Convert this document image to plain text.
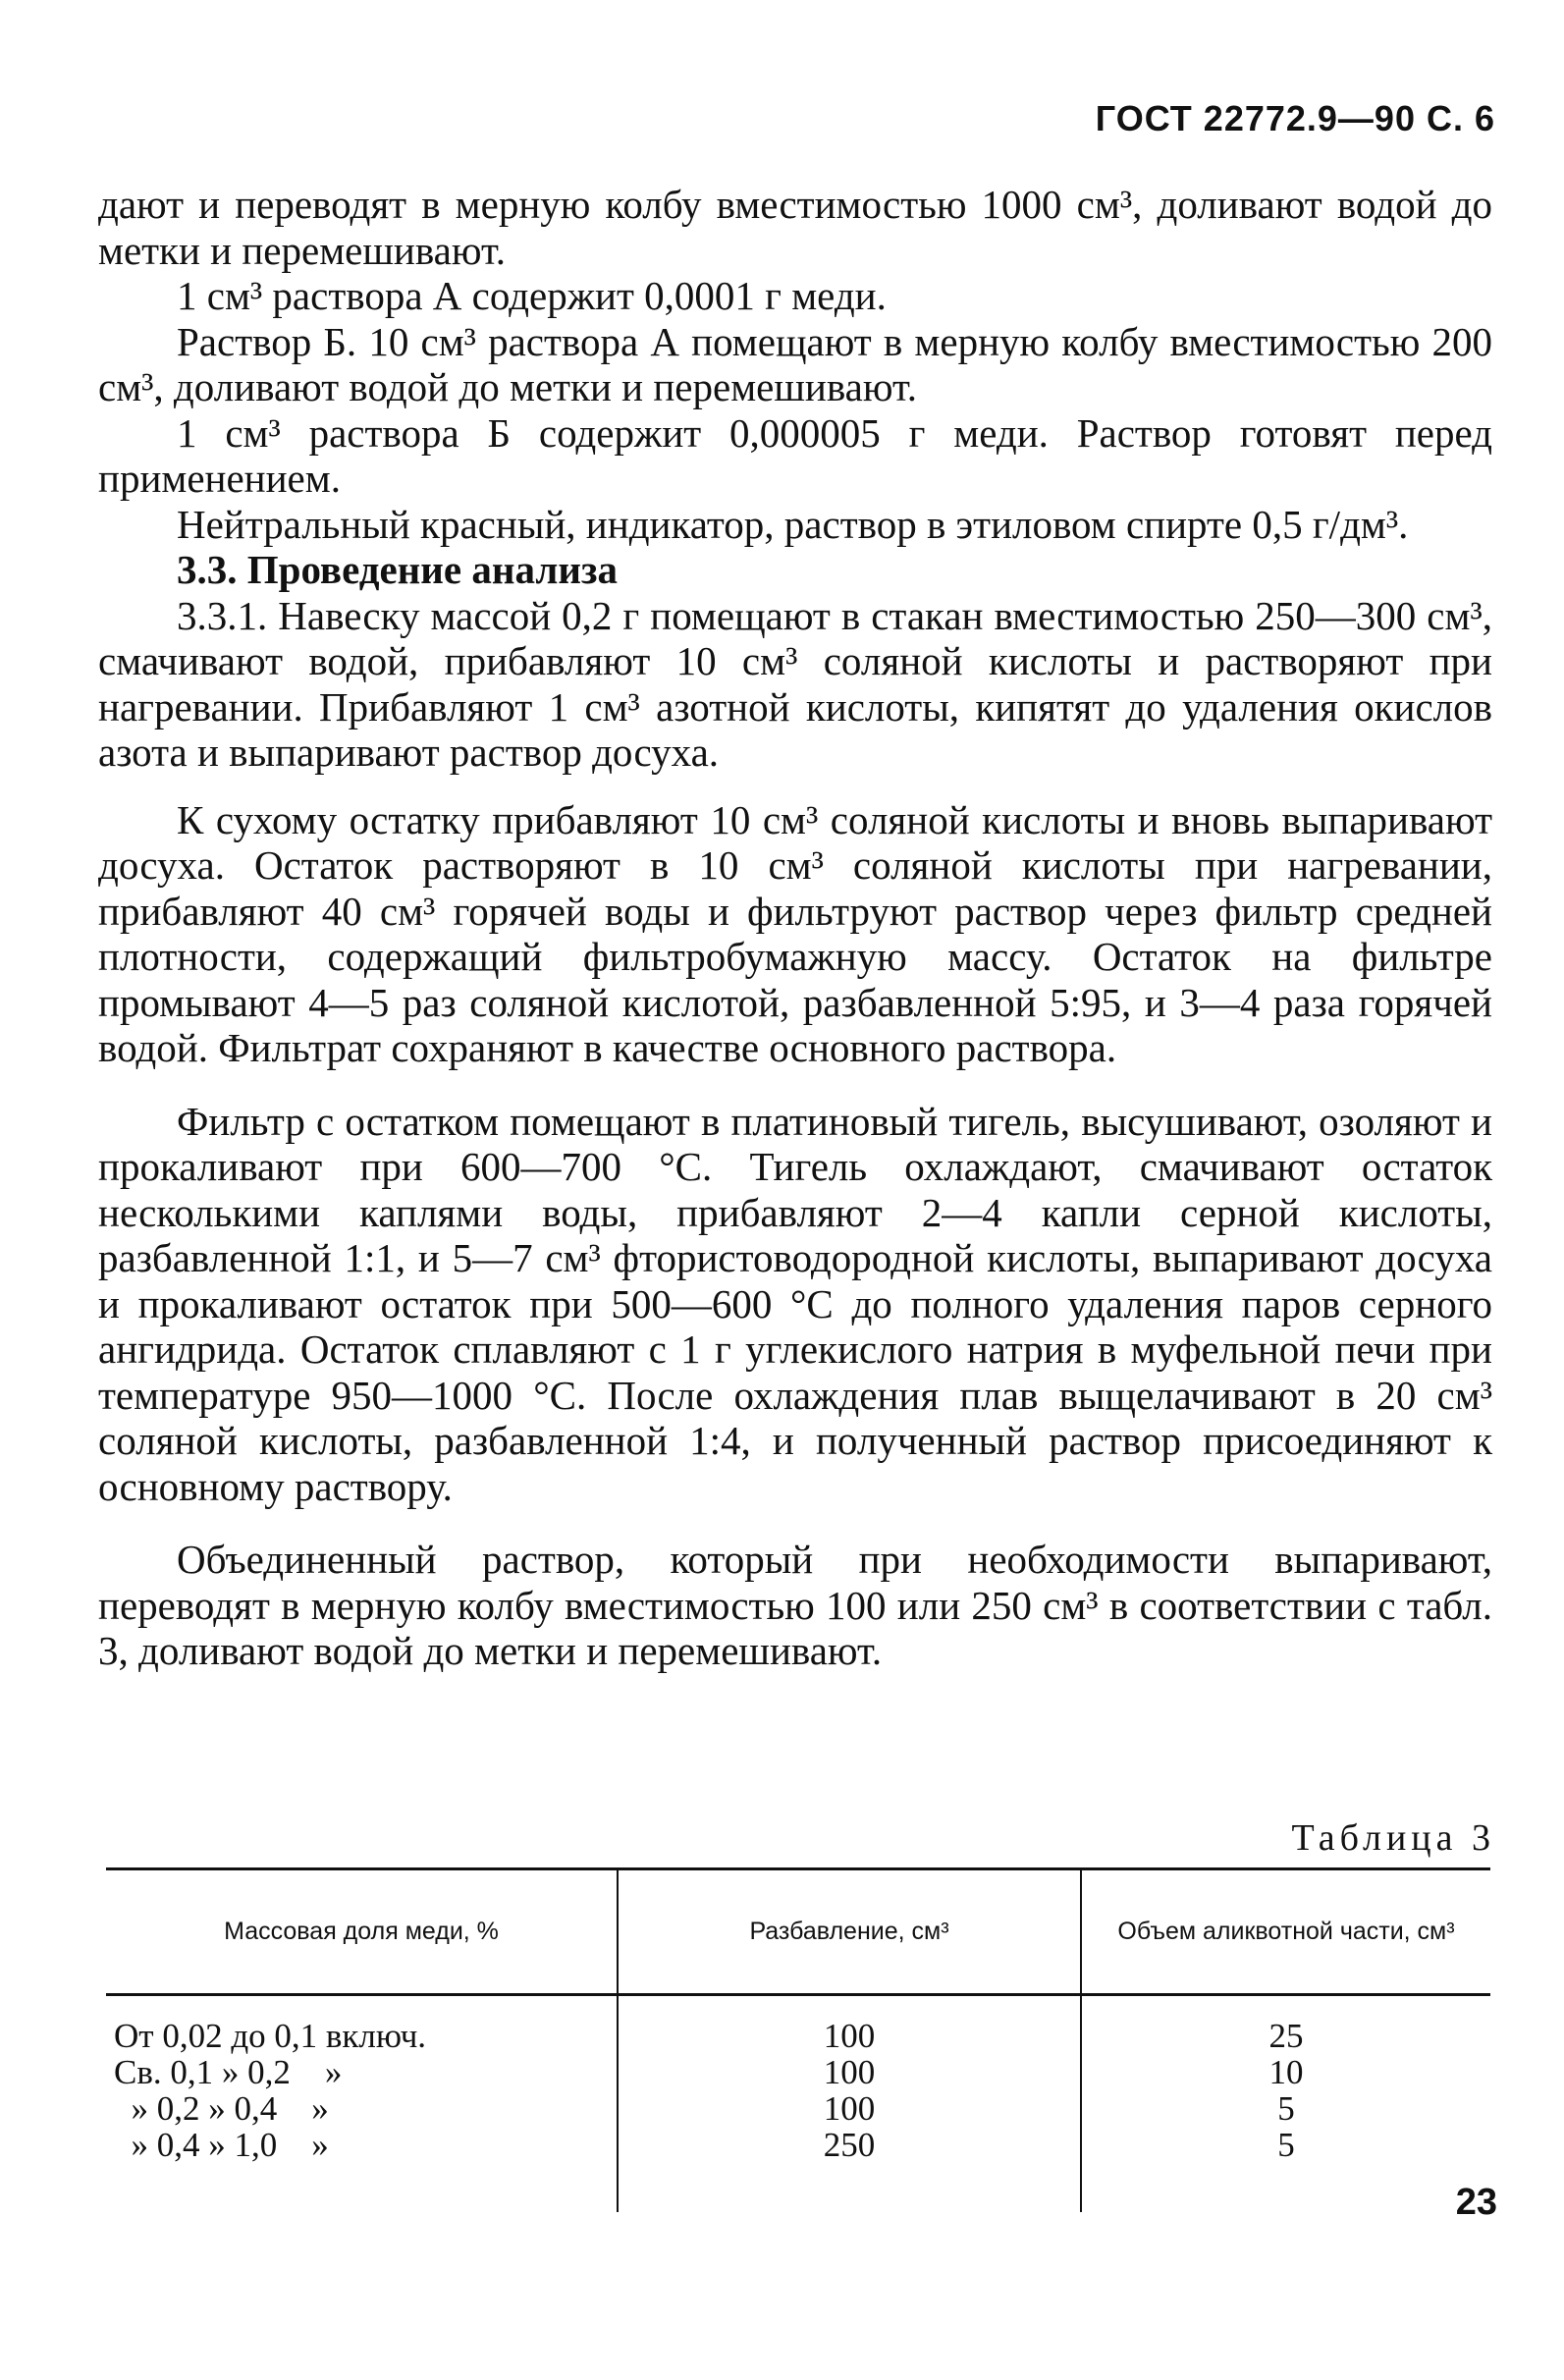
ГОСТ 22772.9—90 С. 6

дают и переводят в мерную колбу вместимостью 1000 см³, доливают водой до метки и перемешивают.

1 см³ раствора А содержит 0,0001 г меди.

Раствор Б. 10 см³ раствора А помещают в мерную колбу вместимостью 200 см³, доливают водой до метки и перемешивают.

1 см³ раствора Б содержит 0,000005 г меди. Раствор готовят перед применением.

Нейтральный красный, индикатор, раствор в этиловом спирте 0,5 г/дм³.

3.3. Проведение анализа

3.3.1. Навеску массой 0,2 г помещают в стакан вместимостью 250—300 см³, смачивают водой, прибавляют 10 см³ соляной кислоты и растворяют при нагревании. Прибавляют 1 см³ азотной кислоты, кипятят до удаления окислов азота и выпаривают раствор досуха.

К сухому остатку прибавляют 10 см³ соляной кислоты и вновь выпаривают досуха. Остаток растворяют в 10 см³ соляной кислоты при нагревании, прибавляют 40 см³ горячей воды и фильтруют раствор через фильтр средней плотности, содержащий фильтробумажную массу. Остаток на фильтре промывают 4—5 раз соляной кислотой, разбавленной 5:95, и 3—4 раза горячей водой. Фильтрат сохраняют в качестве основного раствора.

Фильтр с остатком помещают в платиновый тигель, высушивают, озоляют и прокаливают при 600—700 °С. Тигель охлаждают, смачивают остаток несколькими каплями воды, прибавляют 2—4 капли серной кислоты, разбавленной 1:1, и 5—7 см³ фтористоводородной кислоты, выпаривают досуха и прокаливают остаток при 500—600 °С до полного удаления паров серного ангидрида. Остаток сплавляют с 1 г углекислого натрия в муфельной печи при температуре 950—1000 °С. После охлаждения плав выщелачивают в 20 см³ соляной кислоты, разбавленной 1:4, и полученный раствор присоединяют к основному раствору.

Объединенный раствор, который при необходимости выпаривают, переводят в мерную колбу вместимостью 100 или 250 см³ в соответствии с табл. 3, доливают водой до метки и перемешивают.

Таблица 3
Массовая доля меди, %	Разбавление, см³	Объем аликвотной части, см³
От 0,02 до 0,1 включ.	100	25
Св. 0,1 » 0,2    »	100	10
» 0,2 » 0,4    »	100	5
» 0,4 » 1,0    »	250	5
23
